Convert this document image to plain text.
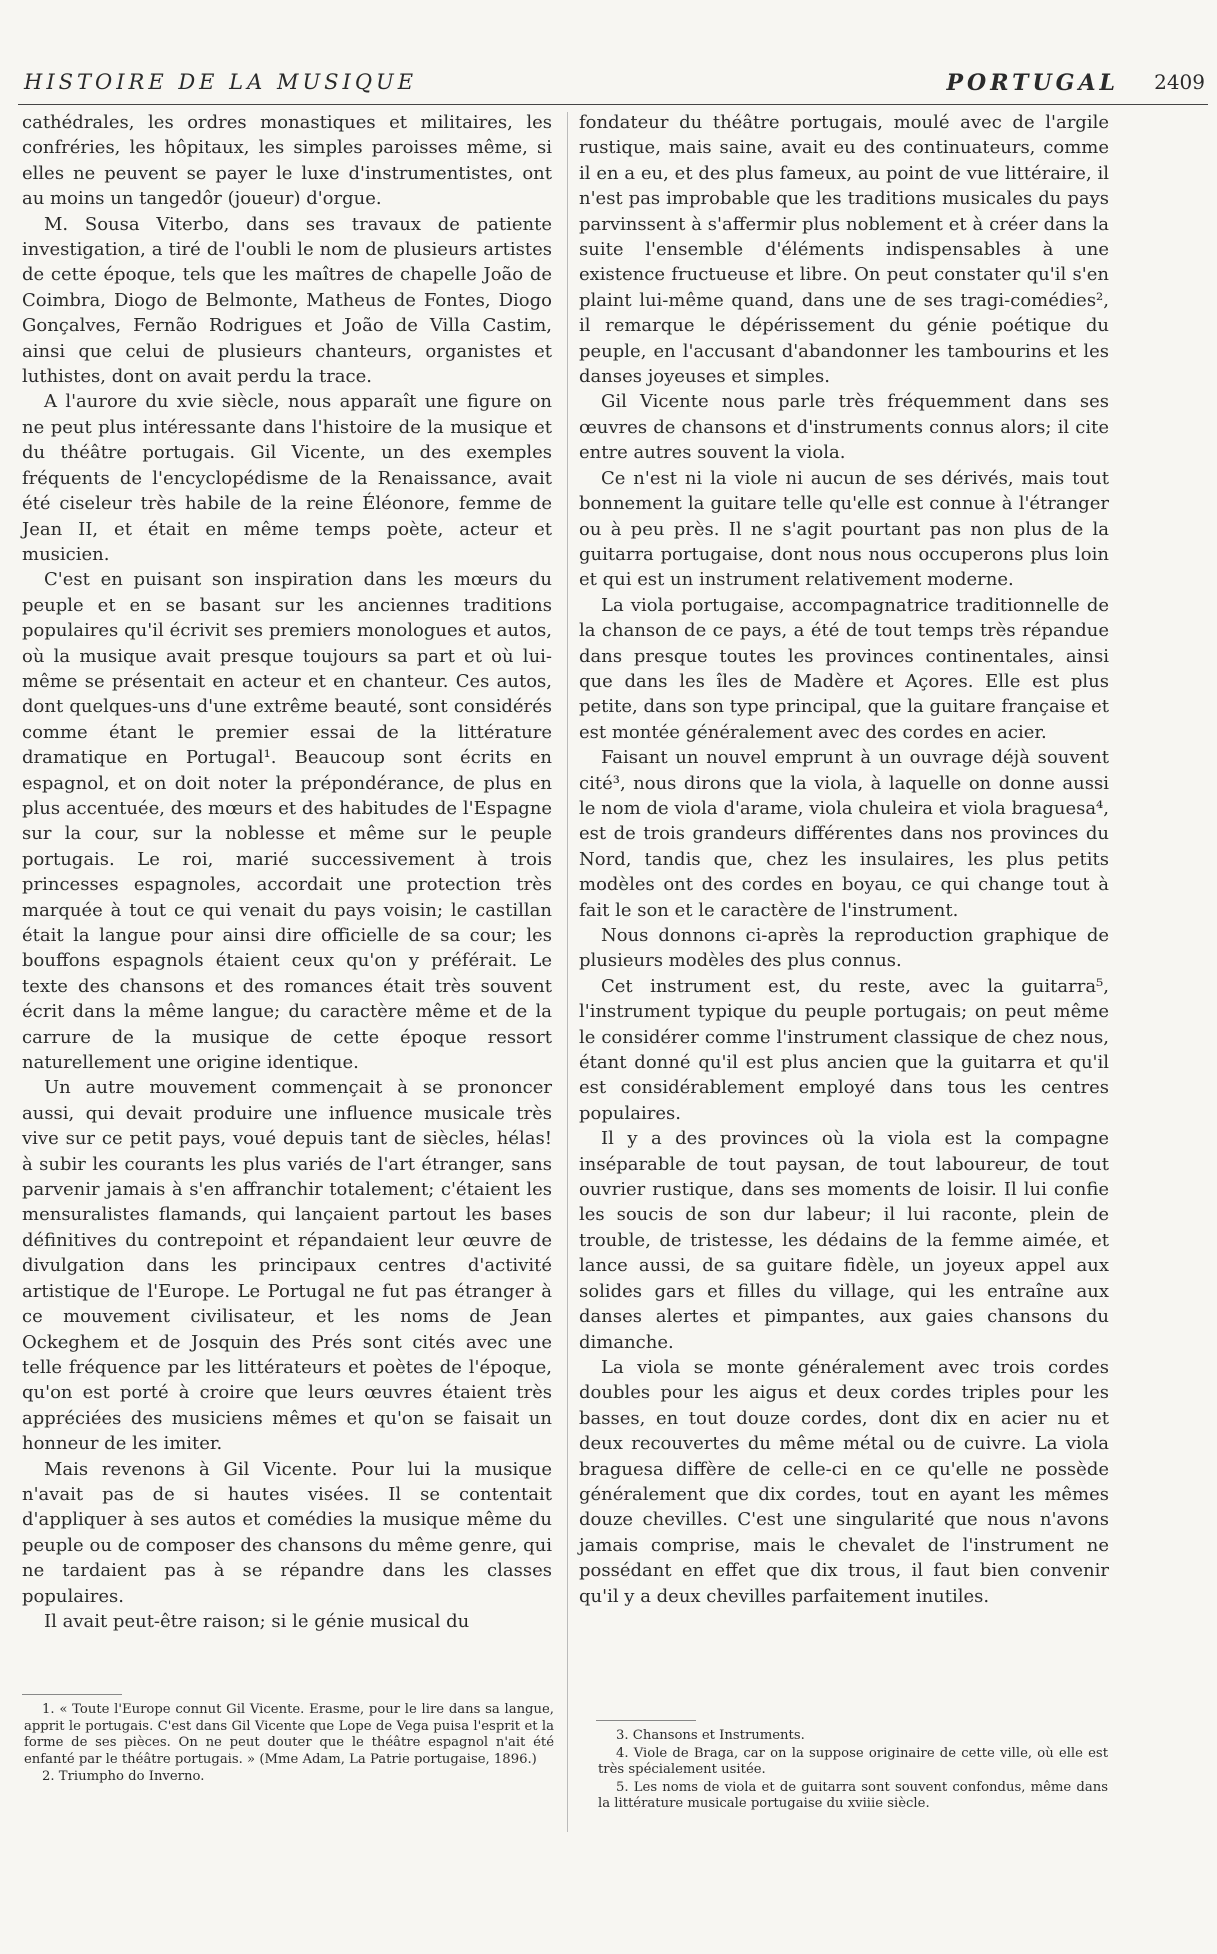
HISTOIRE DE LA MUSIQUE	PORTUGAL 2409

cathédrales, les ordres monastiques et militaires, les confréries, les hôpitaux, les simples paroisses même, si elles ne peuvent se payer le luxe d'instrumentistes, ont au moins un tangedôr (joueur) d'orgue.

M. Sousa Viterbo, dans ses travaux de patiente investigation, a tiré de l'oubli le nom de plusieurs artistes de cette époque, tels que les maîtres de chapelle João de Coimbra, Diogo de Belmonte, Matheus de Fontes, Diogo Gonçalves, Fernão Rodrigues et João de Villa Castim, ainsi que celui de plusieurs chanteurs, organistes et luthistes, dont on avait perdu la trace.

A l'aurore du xvie siècle, nous apparaît une figure on ne peut plus intéressante dans l'histoire de la musique et du théâtre portugais. Gil Vicente, un des exemples fréquents de l'encyclopédisme de la Renaissance, avait été ciseleur très habile de la reine Éléonore, femme de Jean II, et était en même temps poète, acteur et musicien.

C'est en puisant son inspiration dans les mœurs du peuple et en se basant sur les anciennes traditions populaires qu'il écrivit ses premiers monologues et autos, où la musique avait presque toujours sa part et où lui-même se présentait en acteur et en chanteur. Ces autos, dont quelques-uns d'une extrême beauté, sont considérés comme étant le premier essai de la littérature dramatique en Portugal¹. Beaucoup sont écrits en espagnol, et on doit noter la prépondérance, de plus en plus accentuée, des mœurs et des habitudes de l'Espagne sur la cour, sur la noblesse et même sur le peuple portugais. Le roi, marié successivement à trois princesses espagnoles, accordait une protection très marquée à tout ce qui venait du pays voisin; le castillan était la langue pour ainsi dire officielle de sa cour; les bouffons espagnols étaient ceux qu'on y préférait. Le texte des chansons et des romances était très souvent écrit dans la même langue; du caractère même et de la carrure de la musique de cette époque ressort naturellement une origine identique.

Un autre mouvement commençait à se prononcer aussi, qui devait produire une influence musicale très vive sur ce petit pays, voué depuis tant de siècles, hélas! à subir les courants les plus variés de l'art étranger, sans parvenir jamais à s'en affranchir totalement; c'étaient les mensuralistes flamands, qui lançaient partout les bases définitives du contrepoint et répandaient leur œuvre de divulgation dans les principaux centres d'activité artistique de l'Europe. Le Portugal ne fut pas étranger à ce mouvement civilisateur, et les noms de Jean Ockeghem et de Josquin des Prés sont cités avec une telle fréquence par les littérateurs et poètes de l'époque, qu'on est porté à croire que leurs œuvres étaient très appréciées des musiciens mêmes et qu'on se faisait un honneur de les imiter.

Mais revenons à Gil Vicente. Pour lui la musique n'avait pas de si hautes visées. Il se contentait d'appliquer à ses autos et comédies la musique même du peuple ou de composer des chansons du même genre, qui ne tardaient pas à se répandre dans les classes populaires.

Il avait peut-être raison; si le génie musical du

fondateur du théâtre portugais, moulé avec de l'argile rustique, mais saine, avait eu des continuateurs, comme il en a eu, et des plus fameux, au point de vue littéraire, il n'est pas improbable que les traditions musicales du pays parvinssent à s'affermir plus noblement et à créer dans la suite l'ensemble d'éléments indispensables à une existence fructueuse et libre. On peut constater qu'il s'en plaint lui-même quand, dans une de ses tragi-comédies², il remarque le dépérissement du génie poétique du peuple, en l'accusant d'abandonner les tambourins et les danses joyeuses et simples.

Gil Vicente nous parle très fréquemment dans ses œuvres de chansons et d'instruments connus alors; il cite entre autres souvent la viola.

Ce n'est ni la viole ni aucun de ses dérivés, mais tout bonnement la guitare telle qu'elle est connue à l'étranger ou à peu près. Il ne s'agit pourtant pas non plus de la guitarra portugaise, dont nous nous occuperons plus loin et qui est un instrument relativement moderne.

La viola portugaise, accompagnatrice traditionnelle de la chanson de ce pays, a été de tout temps très répandue dans presque toutes les provinces continentales, ainsi que dans les îles de Madère et Açores. Elle est plus petite, dans son type principal, que la guitare française et est montée généralement avec des cordes en acier.

Faisant un nouvel emprunt à un ouvrage déjà souvent cité³, nous dirons que la viola, à laquelle on donne aussi le nom de viola d'arame, viola chuleira et viola braguesa⁴, est de trois grandeurs différentes dans nos provinces du Nord, tandis que, chez les insulaires, les plus petits modèles ont des cordes en boyau, ce qui change tout à fait le son et le caractère de l'instrument.

Nous donnons ci-après la reproduction graphique de plusieurs modèles des plus connus.

Cet instrument est, du reste, avec la guitarra⁵, l'instrument typique du peuple portugais; on peut même le considérer comme l'instrument classique de chez nous, étant donné qu'il est plus ancien que la guitarra et qu'il est considérablement employé dans tous les centres populaires.

Il y a des provinces où la viola est la compagne inséparable de tout paysan, de tout laboureur, de tout ouvrier rustique, dans ses moments de loisir. Il lui confie les soucis de son dur labeur; il lui raconte, plein de trouble, de tristesse, les dédains de la femme aimée, et lance aussi, de sa guitare fidèle, un joyeux appel aux solides gars et filles du village, qui les entraîne aux danses alertes et pimpantes, aux gaies chansons du dimanche.

La viola se monte généralement avec trois cordes doubles pour les aigus et deux cordes triples pour les basses, en tout douze cordes, dont dix en acier nu et deux recouvertes du même métal ou de cuivre. La viola braguesa diffère de celle-ci en ce qu'elle ne possède généralement que dix cordes, tout en ayant les mêmes douze chevilles. C'est une singularité que nous n'avons jamais comprise, mais le chevalet de l'instrument ne possédant en effet que dix trous, il faut bien convenir qu'il y a deux chevilles parfaitement inutiles.

1. « Toute l'Europe connut Gil Vicente. Erasme, pour le lire dans sa langue, apprit le portugais. C'est dans Gil Vicente que Lope de Vega puisa l'esprit et la forme de ses pièces. On ne peut douter que le théâtre espagnol n'ait été enfanté par le théâtre portugais. » (Mme Adam, La Patrie portugaise, 1896.)

2. Triumpho do Inverno.

3. Chansons et Instruments.

4. Viole de Braga, car on la suppose originaire de cette ville, où elle est très spécialement usitée.

5. Les noms de viola et de guitarra sont souvent confondus, même dans la littérature musicale portugaise du xviiie siècle.
